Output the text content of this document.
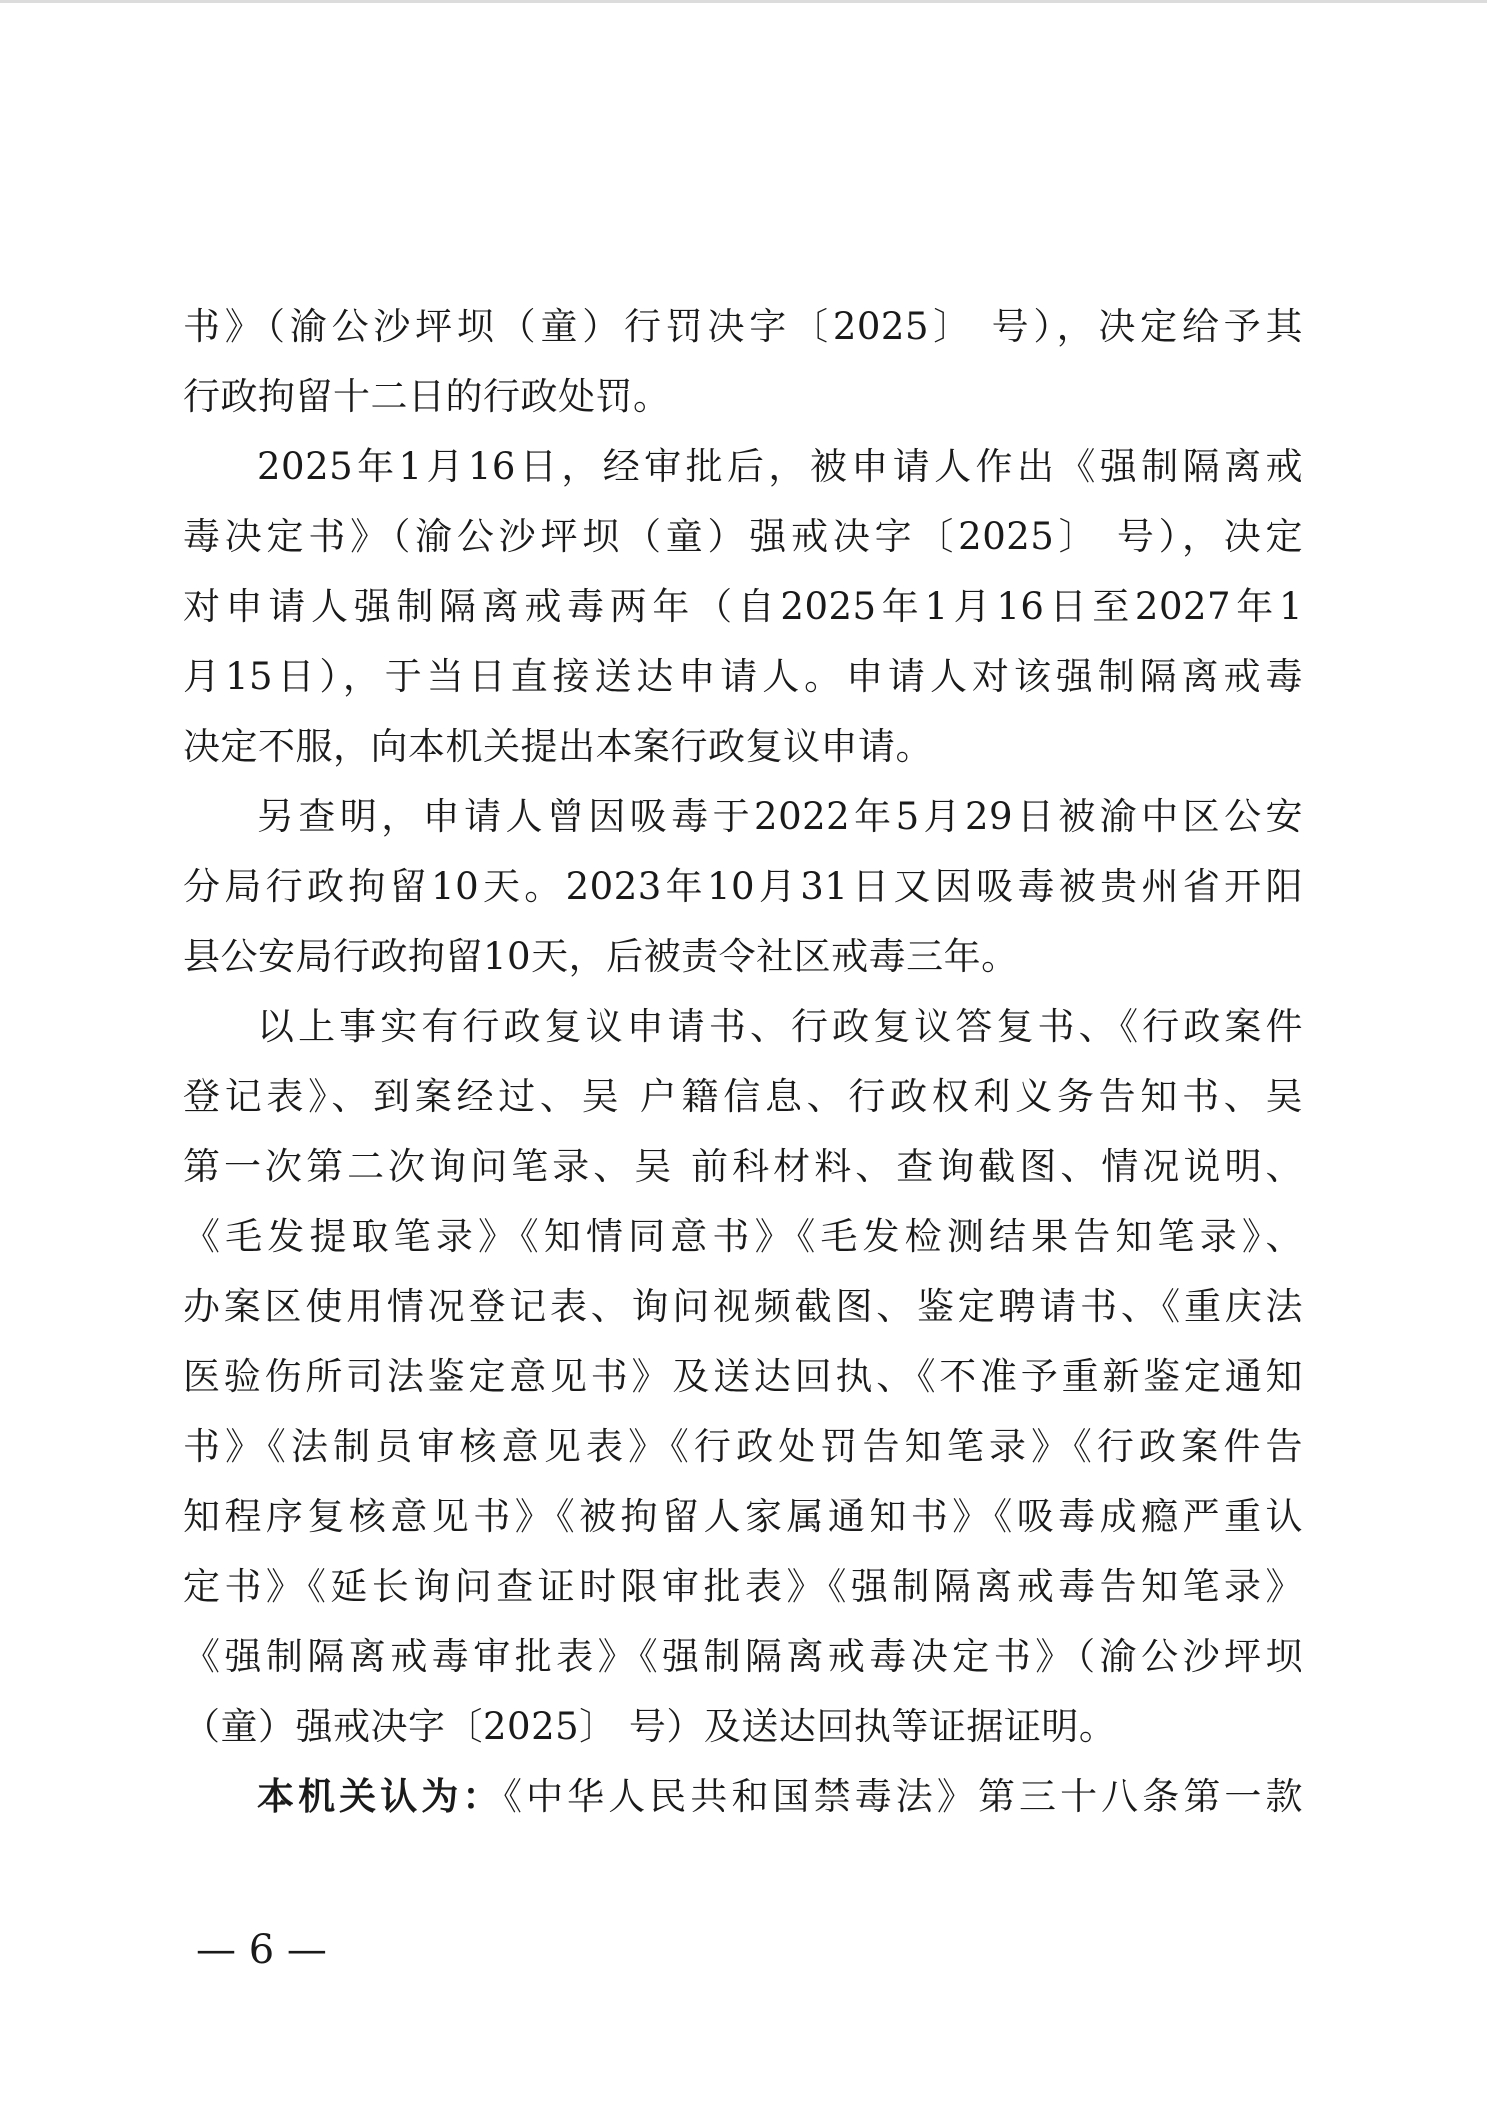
书》（渝公沙坪坝（童）行罚决字〔2025〕 号），决定给予其
行政拘留十二日的行政处罚。
2025年1月16日，经审批后，被申请人作出《强制隔离戒
毒决定书》（渝公沙坪坝（童）强戒决字〔2025〕 号），决定
对申请人强制隔离戒毒两年（自2025年1月16日至2027年1
月15日），于当日直接送达申请人。申请人对该强制隔离戒毒
决定不服，向本机关提出本案行政复议申请。
另查明，申请人曾因吸毒于2022年5月29日被渝中区公安
分局行政拘留10天。2023年10月31日又因吸毒被贵州省开阳
县公安局行政拘留10天，后被责令社区戒毒三年。
以上事实有行政复议申请书、行政复议答复书、《行政案件
登记表》、到案经过、吴 户籍信息、行政权利义务告知书、吴
第一次第二次询问笔录、吴 前科材料、查询截图、情况说明、
《毛发提取笔录》《知情同意书》《毛发检测结果告知笔录》、
办案区使用情况登记表、询问视频截图、鉴定聘请书、《重庆法
医验伤所司法鉴定意见书》及送达回执、《不准予重新鉴定通知
书》《法制员审核意见表》《行政处罚告知笔录》《行政案件告
知程序复核意见书》《被拘留人家属通知书》《吸毒成瘾严重认
定书》《延长询问查证时限审批表》《强制隔离戒毒告知笔录》
《强制隔离戒毒审批表》《强制隔离戒毒决定书》（渝公沙坪坝
（童）强戒决字〔2025〕 号）及送达回执等证据证明。
本机关认为：《中华人民共和国禁毒法》第三十八条第一款
— 6 —
